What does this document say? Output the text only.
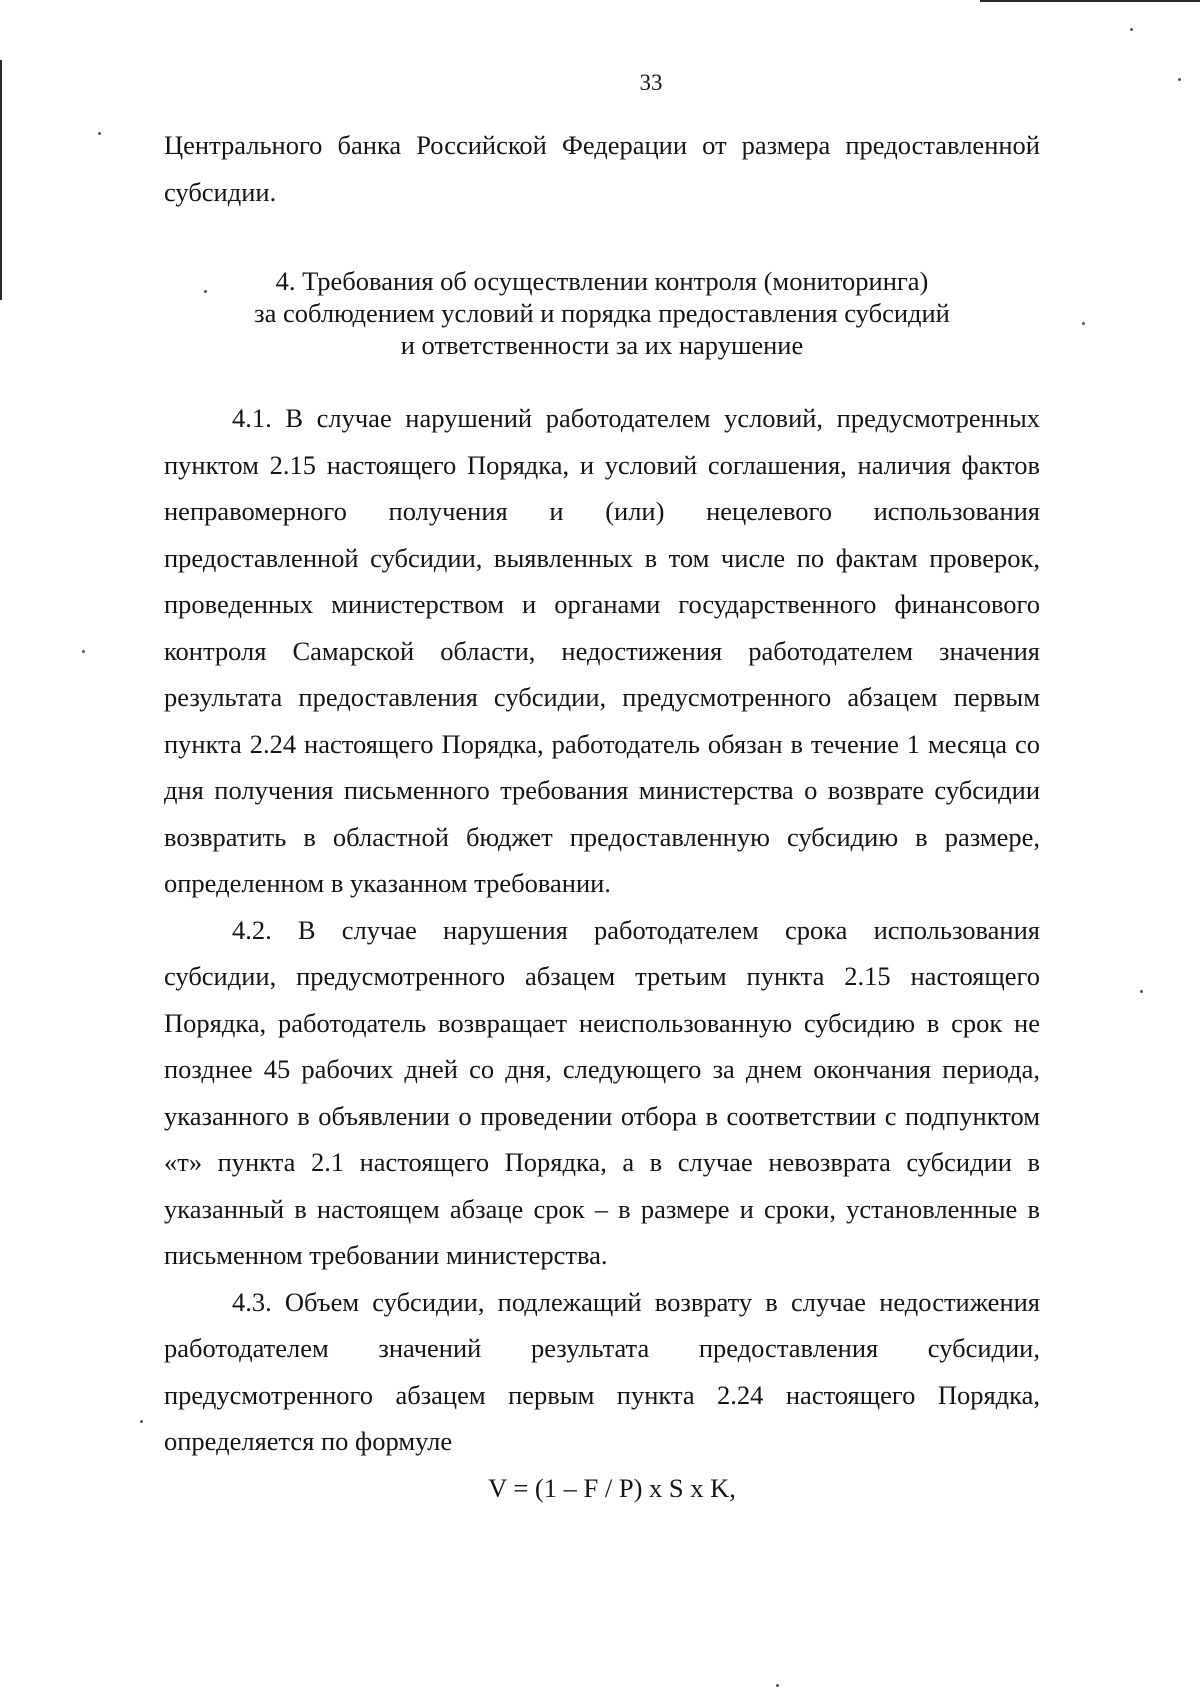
33

Центрального банка Российской Федерации от размера предоставленной субсидии.

4. Требования об осуществлении контроля (мониторинга)
за соблюдением условий и порядка предоставления субсидий
и ответственности за их нарушение

4.1. В случае нарушений работодателем условий, предусмотренных пунктом 2.15 настоящего Порядка, и условий соглашения, наличия фактов неправомерного получения и (или) нецелевого использования предоставленной субсидии, выявленных в том числе по фактам проверок, проведенных министерством и органами государственного финансового контроля Самарской области, недостижения работодателем значения результата предоставления субсидии, предусмотренного абзацем первым пункта 2.24 настоящего Порядка, работодатель обязан в течение 1 месяца со дня получения письменного требования министерства о возврате субсидии возвратить в областной бюджет предоставленную субсидию в размере, определенном в указанном требовании.

4.2. В случае нарушения работодателем срока использования субсидии, предусмотренного абзацем третьим пункта 2.15 настоящего Порядка, работодатель возвращает неиспользованную субсидию в срок не позднее 45 рабочих дней со дня, следующего за днем окончания периода, указанного в объявлении о проведении отбора в соответствии с подпунктом «т» пункта 2.1 настоящего Порядка, а в случае невозврата субсидии в указанный в настоящем абзаце срок – в размере и сроки, установленные в письменном требовании министерства.

4.3. Объем субсидии, подлежащий возврату в случае недостижения работодателем значений результата предоставления субсидии, предусмотренного абзацем первым пункта 2.24 настоящего Порядка, определяется по формуле

V = (1 – F / P) x S x K,
